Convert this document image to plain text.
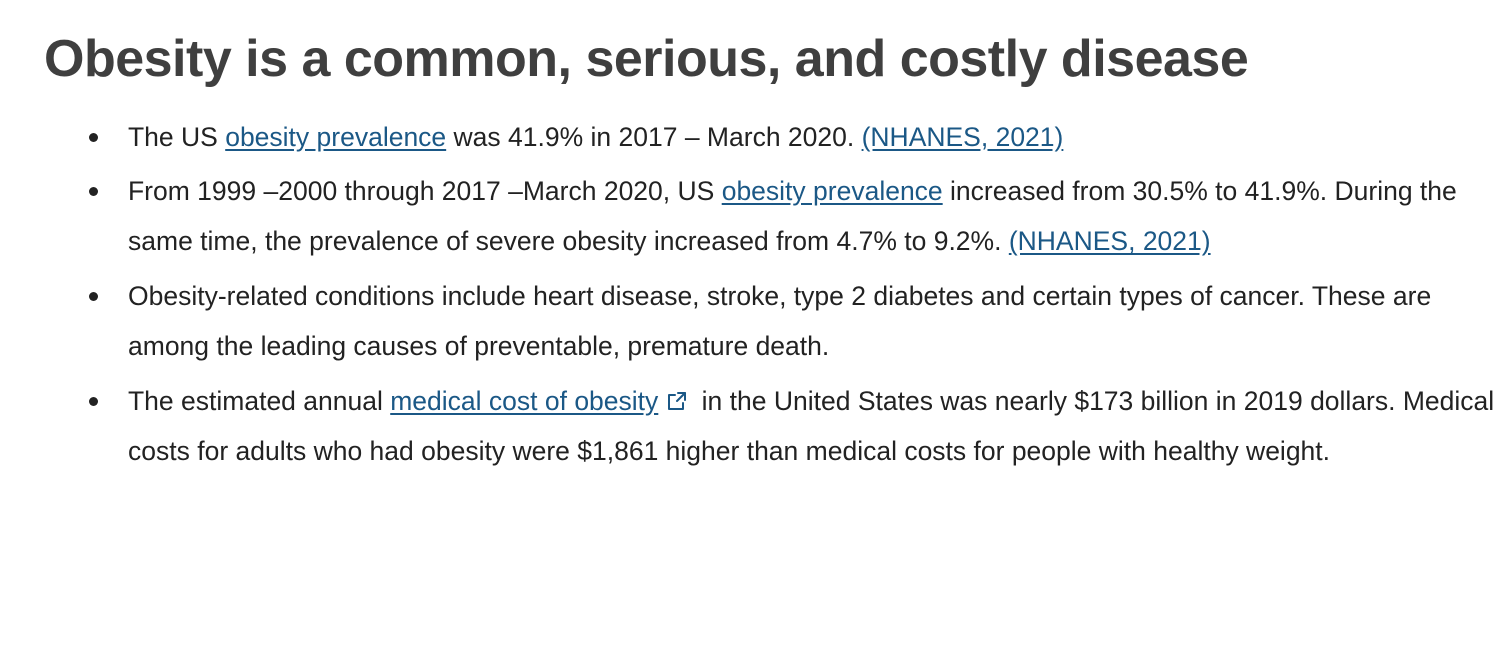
Obesity is a common, serious, and costly disease
The US obesity prevalence was 41.9% in 2017 – March 2020. (NHANES, 2021)
From 1999 –2000 through 2017 –March 2020, US obesity prevalence increased from 30.5% to 41.9%. During the same time, the prevalence of severe obesity increased from 4.7% to 9.2%. (NHANES, 2021)
Obesity-related conditions include heart disease, stroke, type 2 diabetes and certain types of cancer. These are among the leading causes of preventable, premature death.
The estimated annual medical cost of obesity
in the United States was nearly $173 billion in 2019 dollars. Medical costs for adults who had obesity were $1,861 higher than medical costs for people with healthy weight.
